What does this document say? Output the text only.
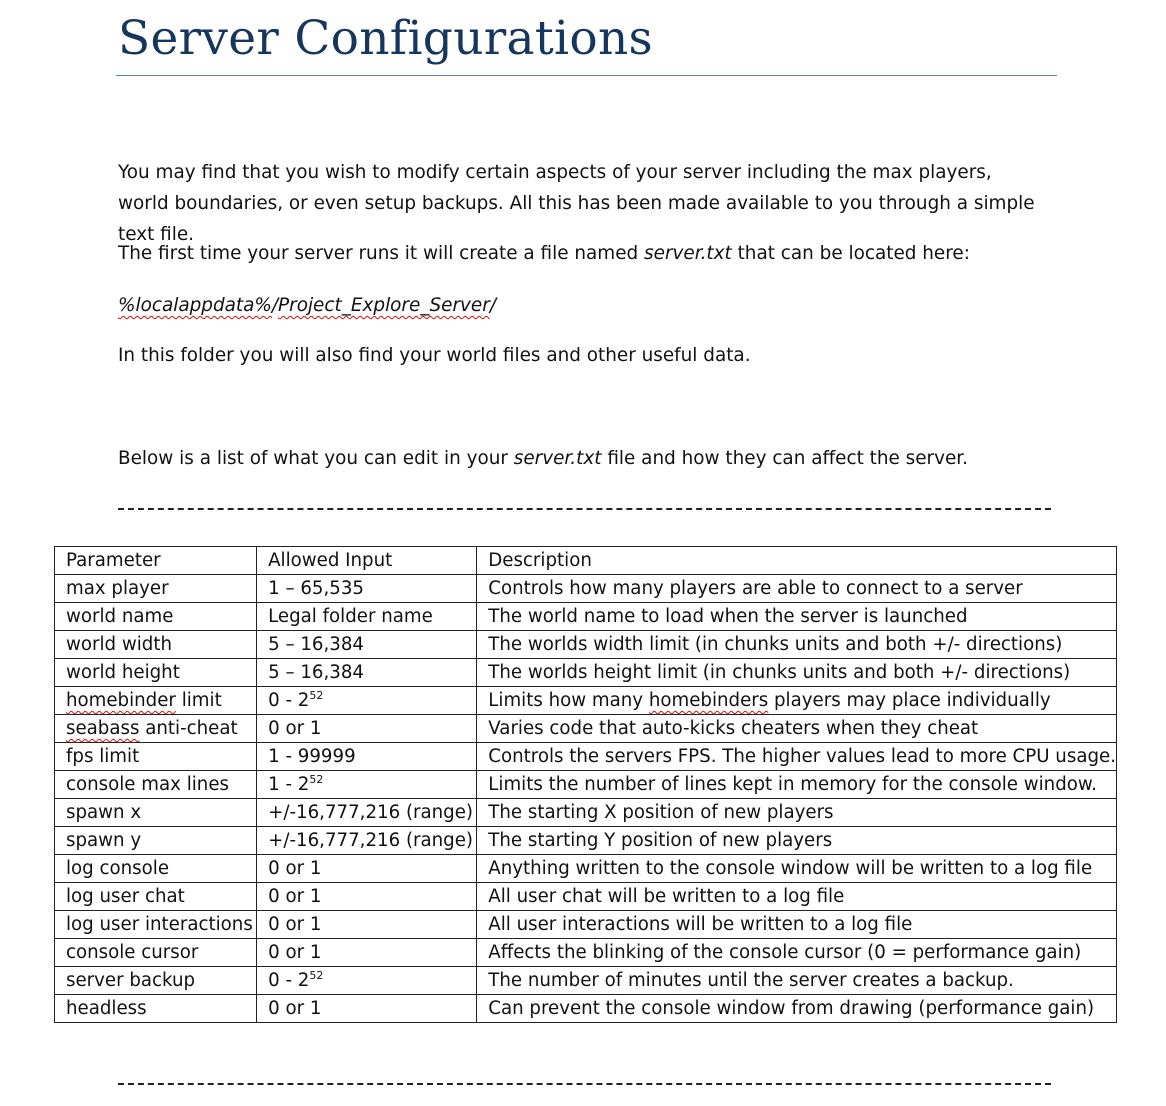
Server Configurations

You may find that you wish to modify certain aspects of your server including the max players, world boundaries, or even setup backups. All this has been made available to you through a simple text file.

The first time your server runs it will create a file named server.txt that can be located here:

%localappdata%/Project_Explore_Server/

In this folder you will also find your world files and other useful data.

Below is a list of what you can edit in your server.txt file and how they can affect the server.

Parameter	Allowed Input	Description
max player	1 – 65,535	Controls how many players are able to connect to a server
world name	Legal folder name	The world name to load when the server is launched
world width	5 – 16,384	The worlds width limit (in chunks units and both +/- directions)
world height	5 – 16,384	The worlds height limit (in chunks units and both +/- directions)
homebinder limit	$0 - 2^{52}$	Limits how many homebinders players may place individually
seabass anti-cheat	0 or 1	Varies code that auto-kicks cheaters when they cheat
fps limit	1 - 99999	Controls the servers FPS. The higher values lead to more CPU usage.
console max lines	$1 - 2^{52}$	Limits the number of lines kept in memory for the console window.
spawn x	+/-16,777,216 (range)	The starting X position of new players
spawn y	+/-16,777,216 (range)	The starting Y position of new players
log console	0 or 1	Anything written to the console window will be written to a log file
log user chat	0 or 1	All user chat will be written to a log file
log user interactions	0 or 1	All user interactions will be written to a log file
console cursor	0 or 1	Affects the blinking of the console cursor (0 = performance gain)
server backup	$0 - 2^{52}$	The number of minutes until the server creates a backup.
headless	0 or 1	Can prevent the console window from drawing (performance gain)
